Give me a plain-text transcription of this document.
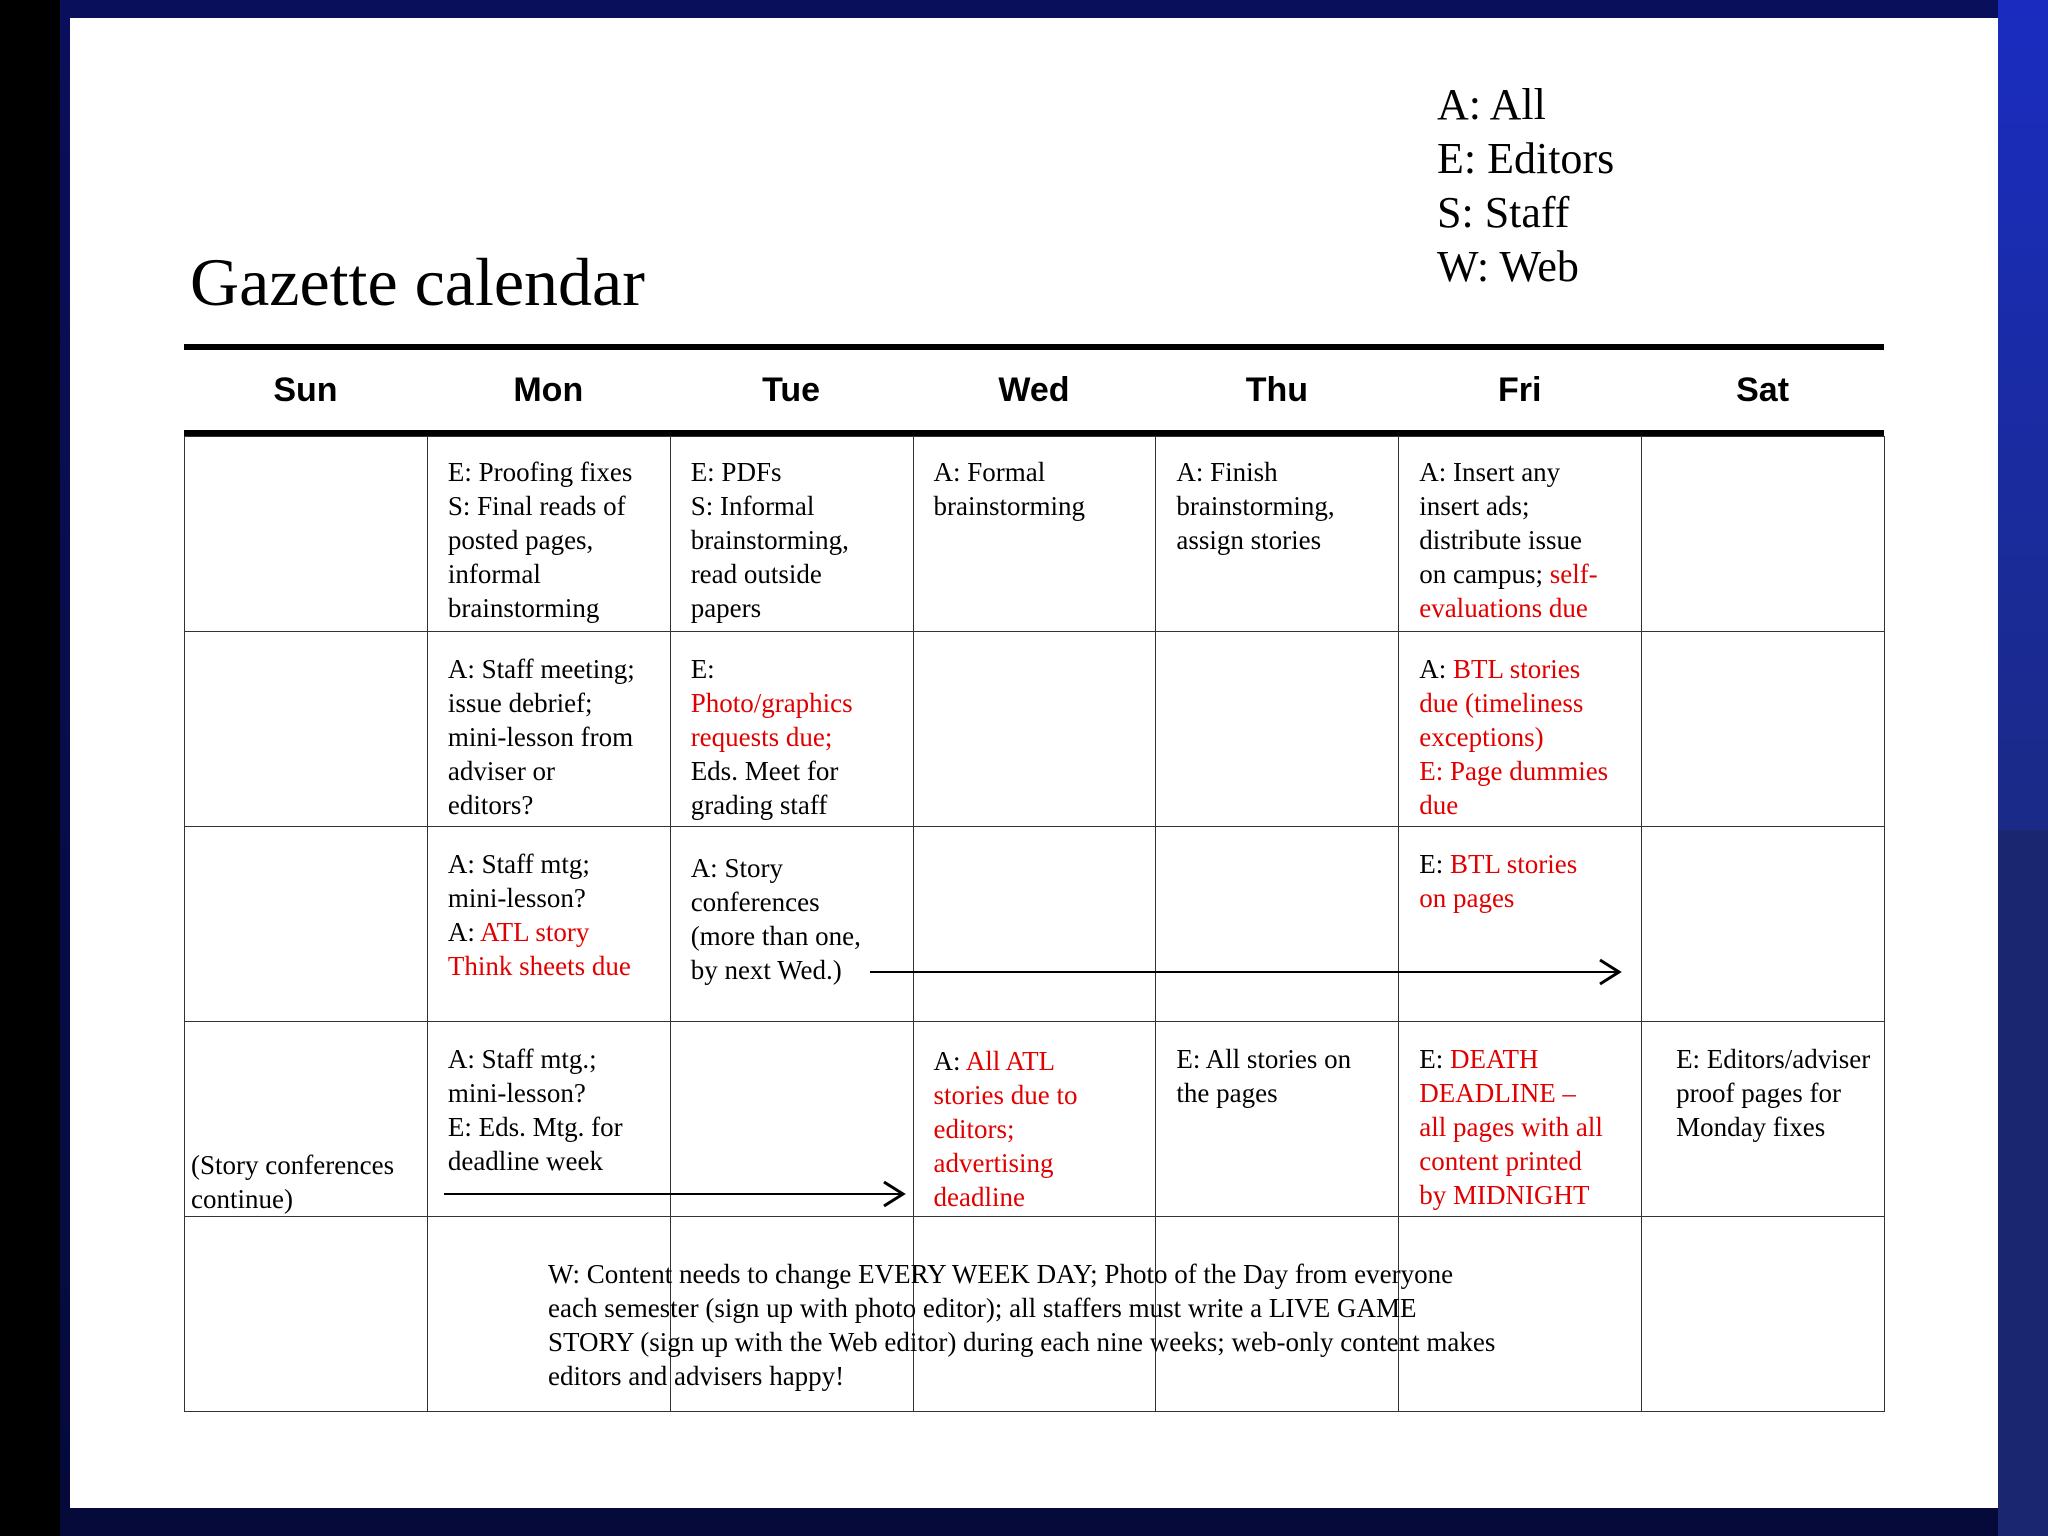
Gazette calendar
A: All
E: Editors
S: Staff
W: Web
Sun	Mon	Tue	Wed	Thu	Fri	Sat

	E: Proofing fixes
S: Final reads of
posted pages,
informal
brainstorming	E: PDFs
S: Informal
brainstorming,
read outside
papers	A: Formal
brainstorming	A: Finish
brainstorming,
assign stories	A: Insert any
insert ads;
distribute issue
on campus; self-
evaluations due	

	A: Staff meeting;
issue debrief;
mini-lesson from
adviser or
editors?	E:
Photo/graphics
requests due;
Eds. Meet for
grading staff			A: BTL stories
due (timeliness
exceptions)
E: Page dummies
due	

	A: Staff mtg;
mini-lesson?
A: ATL story
Think sheets due	A: Story
conferences
(more than one,
by next Wed.)			E: BTL stories
on pages	

(Story conferences
continue)	A: Staff mtg.;
mini-lesson?
E: Eds. Mtg. for
deadline week		A: All ATL
stories due to
editors;
advertising
deadline	E: All stories on
the pages	E: DEATH
DEADLINE –
all pages with all
content printed
by MIDNIGHT	E: Editors/adviser
proof pages for
Monday fixes

W: Content needs to change EVERY WEEK DAY; Photo of the Day from everyone
each semester (sign up with photo editor); all staffers must write a LIVE GAME
STORY (sign up with the Web editor) during each nine weeks; web-only content makes
editors and advisers happy!
